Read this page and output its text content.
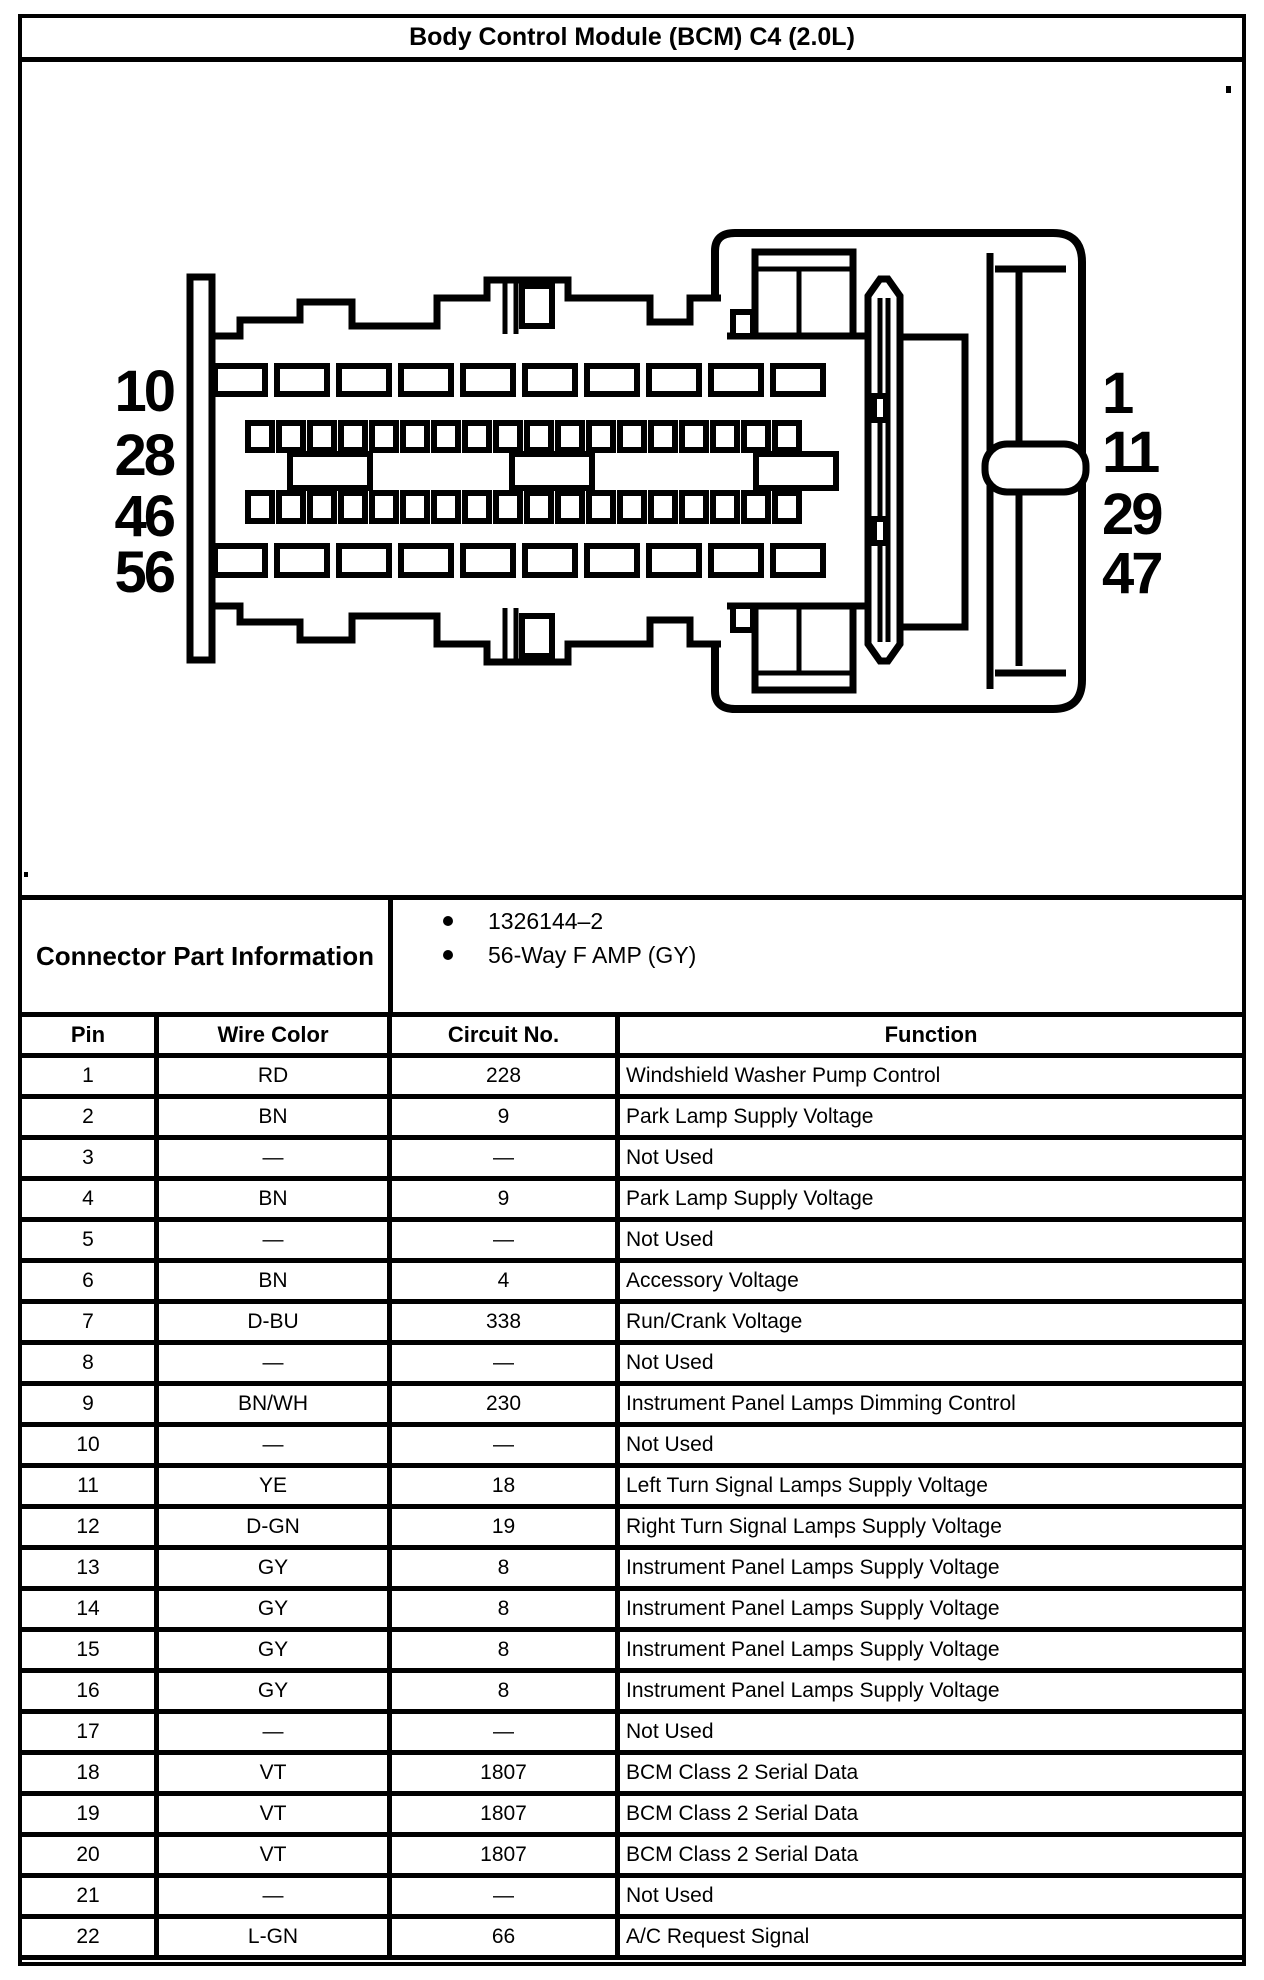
Body Control Module (BCM) C4 (2.0L)
10
28
46
56
1
11
29
47
Connector Part Information
1326144–2
56-Way F AMP (GY)
Pin	Wire Color	Circuit No.	Function
1	RD	228	Windshield Washer Pump Control
2	BN	9	Park Lamp Supply Voltage
3	—	—	Not Used
4	BN	9	Park Lamp Supply Voltage
5	—	—	Not Used
6	BN	4	Accessory Voltage
7	D-BU	338	Run/Crank Voltage
8	—	—	Not Used
9	BN/WH	230	Instrument Panel Lamps Dimming Control
10	—	—	Not Used
11	YE	18	Left Turn Signal Lamps Supply Voltage
12	D-GN	19	Right Turn Signal Lamps Supply Voltage
13	GY	8	Instrument Panel Lamps Supply Voltage
14	GY	8	Instrument Panel Lamps Supply Voltage
15	GY	8	Instrument Panel Lamps Supply Voltage
16	GY	8	Instrument Panel Lamps Supply Voltage
17	—	—	Not Used
18	VT	1807	BCM Class 2 Serial Data
19	VT	1807	BCM Class 2 Serial Data
20	VT	1807	BCM Class 2 Serial Data
21	—	—	Not Used
22	L-GN	66	A/C Request Signal
